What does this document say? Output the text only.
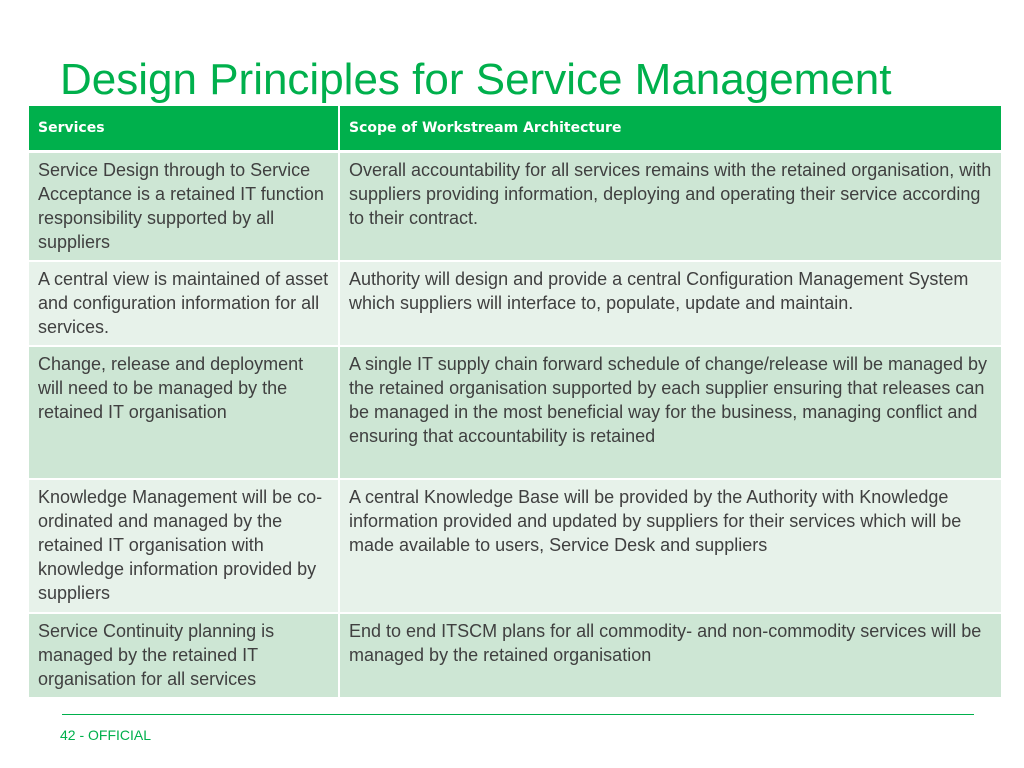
Design Principles for Service Management
Services	Scope of Workstream Architecture
Service Design through to Service Acceptance is a retained IT function responsibility supported by all suppliers	Overall accountability for all services remains with the retained organisation, with suppliers providing information, deploying and operating their service according to their contract.
A central view is maintained of asset and configuration information for all services.	Authority will design and provide a central Configuration Management System which suppliers will interface to, populate, update and maintain.
Change, release and deployment will need to be managed by the retained IT organisation	A single IT supply chain forward schedule of change/release will be managed by the retained organisation supported by each supplier ensuring that releases can be managed in the most beneficial way for the business, managing conflict and ensuring that accountability is retained
Knowledge Management will be co-ordinated and managed by the retained IT organisation with knowledge information provided by suppliers	A central Knowledge Base will be provided by the Authority with Knowledge information provided and updated by suppliers for their services which will be made available to users, Service Desk and suppliers
Service Continuity planning is managed by the retained IT organisation for all services	End to end ITSCM plans for all commodity- and non-commodity services will be managed by the retained organisation
42 - OFFICIAL
